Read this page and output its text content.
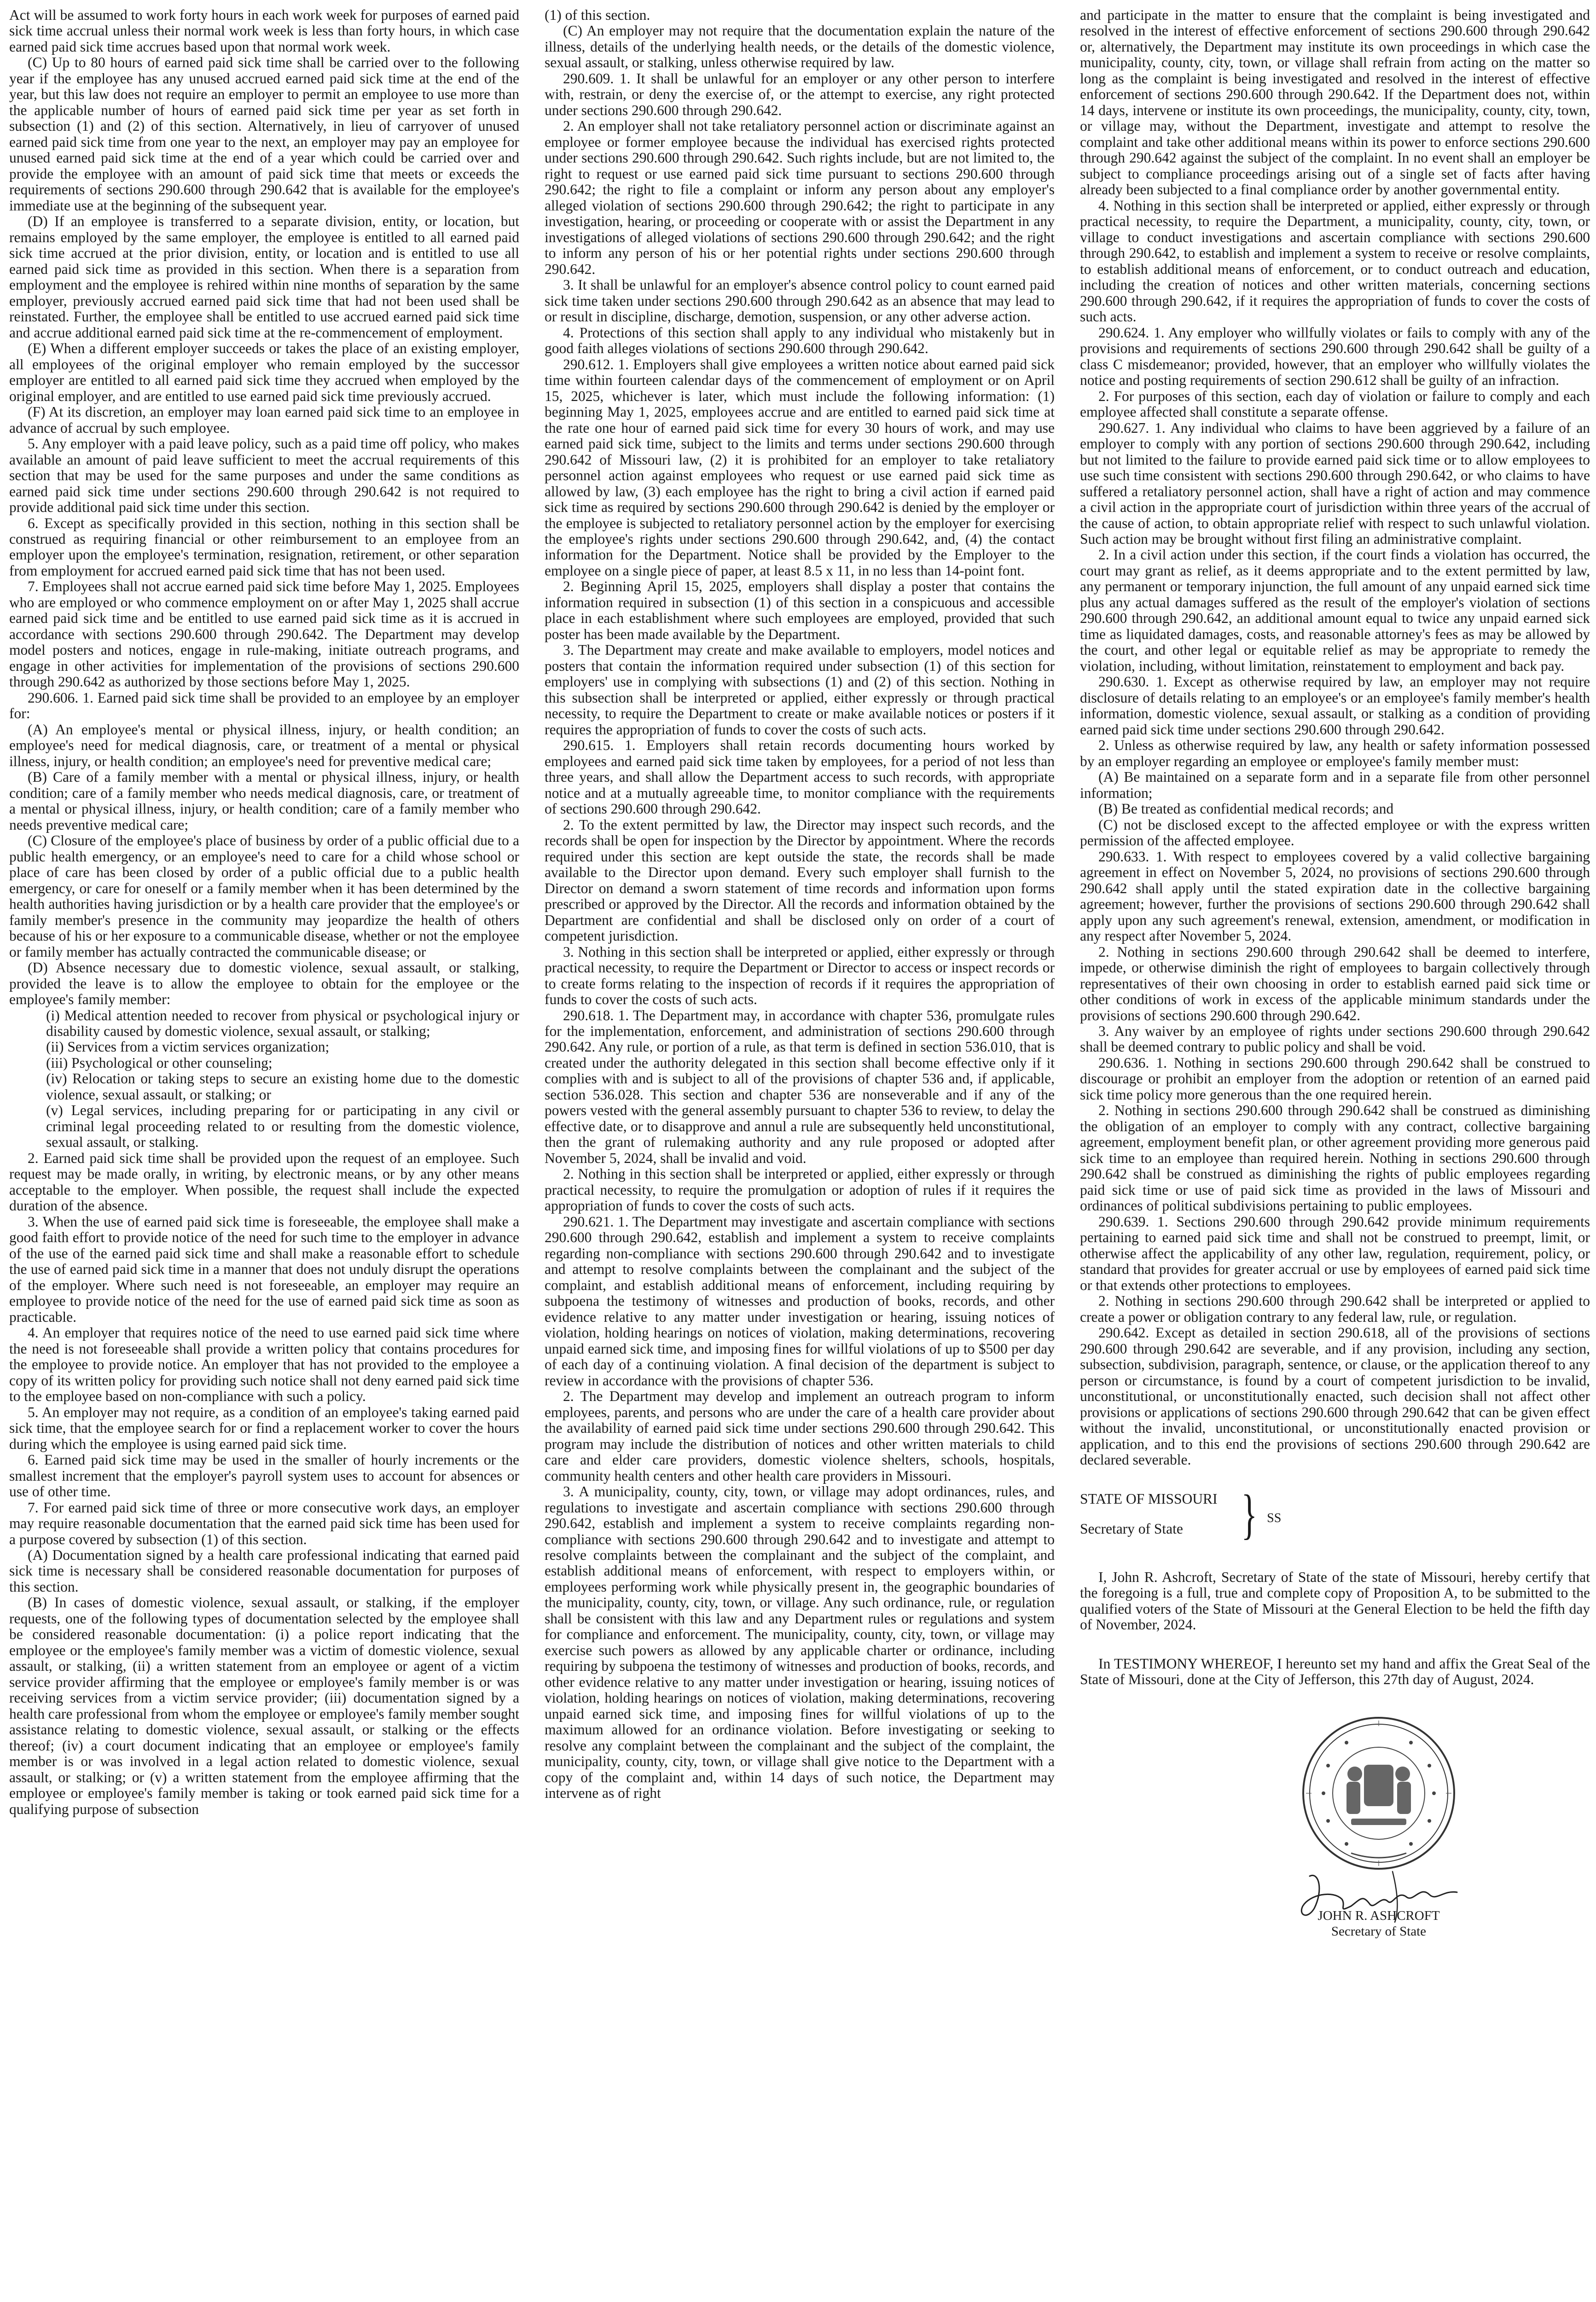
Act will be assumed to work forty hours in each work week for purposes of earned paid sick time accrual unless their normal work week is less than forty hours, in which case earned paid sick time accrues based upon that normal work week.

(C) Up to 80 hours of earned paid sick time shall be carried over to the following year if the employee has any unused accrued earned paid sick time at the end of the year, but this law does not require an employer to permit an employee to use more than the applicable number of hours of earned paid sick time per year as set forth in subsection (1) and (2) of this section. Alternatively, in lieu of carryover of unused earned paid sick time from one year to the next, an employer may pay an employee for unused earned paid sick time at the end of a year which could be carried over and provide the employee with an amount of paid sick time that meets or exceeds the requirements of sections 290.600 through 290.642 that is available for the employee's immediate use at the beginning of the subsequent year.

(D) If an employee is transferred to a separate division, entity, or location, but remains employed by the same employer, the employee is entitled to all earned paid sick time accrued at the prior division, entity, or location and is entitled to use all earned paid sick time as provided in this section. When there is a separation from employment and the employee is rehired within nine months of separation by the same employer, previously accrued earned paid sick time that had not been used shall be reinstated. Further, the employee shall be entitled to use accrued earned paid sick time and accrue additional earned paid sick time at the re-commencement of employment.

(E) When a different employer succeeds or takes the place of an existing employer, all employees of the original employer who remain employed by the successor employer are entitled to all earned paid sick time they accrued when employed by the original employer, and are entitled to use earned paid sick time previously accrued.

(F) At its discretion, an employer may loan earned paid sick time to an employee in advance of accrual by such employee.

5. Any employer with a paid leave policy, such as a paid time off policy, who makes available an amount of paid leave sufficient to meet the accrual requirements of this section that may be used for the same purposes and under the same conditions as earned paid sick time under sections 290.600 through 290.642 is not required to provide additional paid sick time under this section.

6. Except as specifically provided in this section, nothing in this section shall be construed as requiring financial or other reimbursement to an employee from an employer upon the employee's termination, resignation, retirement, or other separation from employment for accrued earned paid sick time that has not been used.

7. Employees shall not accrue earned paid sick time before May 1, 2025. Employees who are employed or who commence employment on or after May 1, 2025 shall accrue earned paid sick time and be entitled to use earned paid sick time as it is accrued in accordance with sections 290.600 through 290.642. The Department may develop model posters and notices, engage in rule-making, initiate outreach programs, and engage in other activities for implementation of the provisions of sections 290.600 through 290.642 as authorized by those sections before May 1, 2025.

290.606. 1. Earned paid sick time shall be provided to an employee by an employer for:

(A) An employee's mental or physical illness, injury, or health condition; an employee's need for medical diagnosis, care, or treatment of a mental or physical illness, injury, or health condition; an employee's need for preventive medical care;

(B) Care of a family member with a mental or physical illness, injury, or health condition; care of a family member who needs medical diagnosis, care, or treatment of a mental or physical illness, injury, or health condition; care of a family member who needs preventive medical care;

(C) Closure of the employee's place of business by order of a public official due to a public health emergency, or an employee's need to care for a child whose school or place of care has been closed by order of a public official due to a public health emergency, or care for oneself or a family member when it has been determined by the health authorities having jurisdiction or by a health care provider that the employee's or family member's presence in the community may jeopardize the health of others because of his or her exposure to a communicable disease, whether or not the employee or family member has actually contracted the communicable disease; or

(D) Absence necessary due to domestic violence, sexual assault, or stalking, provided the leave is to allow the employee to obtain for the employee or the employee's family member:

(i) Medical attention needed to recover from physical or psychological injury or disability caused by domestic violence, sexual assault, or stalking;

(ii) Services from a victim services organization;

(iii) Psychological or other counseling;

(iv) Relocation or taking steps to secure an existing home due to the domestic violence, sexual assault, or stalking; or

(v) Legal services, including preparing for or participating in any civil or criminal legal proceeding related to or resulting from the domestic violence, sexual assault, or stalking.

2. Earned paid sick time shall be provided upon the request of an employee. Such request may be made orally, in writing, by electronic means, or by any other means acceptable to the employer. When possible, the request shall include the expected duration of the absence.

3. When the use of earned paid sick time is foreseeable, the employee shall make a good faith effort to provide notice of the need for such time to the employer in advance of the use of the earned paid sick time and shall make a reasonable effort to schedule the use of earned paid sick time in a manner that does not unduly disrupt the operations of the employer. Where such need is not foreseeable, an employer may require an employee to provide notice of the need for the use of earned paid sick time as soon as practicable.

4. An employer that requires notice of the need to use earned paid sick time where the need is not foreseeable shall provide a written policy that contains procedures for the employee to provide notice. An employer that has not provided to the employee a copy of its written policy for providing such notice shall not deny earned paid sick time to the employee based on non-compliance with such a policy.

5. An employer may not require, as a condition of an employee's taking earned paid sick time, that the employee search for or find a replacement worker to cover the hours during which the employee is using earned paid sick time.

6. Earned paid sick time may be used in the smaller of hourly increments or the smallest increment that the employer's payroll system uses to account for absences or use of other time.

7. For earned paid sick time of three or more consecutive work days, an employer may require reasonable documentation that the earned paid sick time has been used for a purpose covered by subsection (1) of this section.

(A) Documentation signed by a health care professional indicating that earned paid sick time is necessary shall be considered reasonable documentation for purposes of this section.

(B) In cases of domestic violence, sexual assault, or stalking, if the employer requests, one of the following types of documentation selected by the employee shall be considered reasonable documentation: (i) a police report indicating that the employee or the employee's family member was a victim of domestic violence, sexual assault, or stalking, (ii) a written statement from an employee or agent of a victim service provider affirming that the employee or employee's family member is or was receiving services from a victim service provider; (iii) documentation signed by a health care professional from whom the employee or employee's family member sought assistance relating to domestic violence, sexual assault, or stalking or the effects thereof; (iv) a court document indicating that an employee or employee's family member is or was involved in a legal action related to domestic violence, sexual assault, or stalking; or (v) a written statement from the employee affirming that the employee or employee's family member is taking or took earned paid sick time for a qualifying purpose of subsection

(1) of this section.

(C) An employer may not require that the documentation explain the nature of the illness, details of the underlying health needs, or the details of the domestic violence, sexual assault, or stalking, unless otherwise required by law.

290.609. 1. It shall be unlawful for an employer or any other person to interfere with, restrain, or deny the exercise of, or the attempt to exercise, any right protected under sections 290.600 through 290.642.

2. An employer shall not take retaliatory personnel action or discriminate against an employee or former employee because the individual has exercised rights protected under sections 290.600 through 290.642. Such rights include, but are not limited to, the right to request or use earned paid sick time pursuant to sections 290.600 through 290.642; the right to file a complaint or inform any person about any employer's alleged violation of sections 290.600 through 290.642; the right to participate in any investigation, hearing, or proceeding or cooperate with or assist the Department in any investigations of alleged violations of sections 290.600 through 290.642; and the right to inform any person of his or her potential rights under sections 290.600 through 290.642.

3. It shall be unlawful for an employer's absence control policy to count earned paid sick time taken under sections 290.600 through 290.642 as an absence that may lead to or result in discipline, discharge, demotion, suspension, or any other adverse action.

4. Protections of this section shall apply to any individual who mistakenly but in good faith alleges violations of sections 290.600 through 290.642.

290.612. 1. Employers shall give employees a written notice about earned paid sick time within fourteen calendar days of the commencement of employment or on April 15, 2025, whichever is later, which must include the following information: (1) beginning May 1, 2025, employees accrue and are entitled to earned paid sick time at the rate one hour of earned paid sick time for every 30 hours of work, and may use earned paid sick time, subject to the limits and terms under sections 290.600 through 290.642 of Missouri law, (2) it is prohibited for an employer to take retaliatory personnel action against employees who request or use earned paid sick time as allowed by law, (3) each employee has the right to bring a civil action if earned paid sick time as required by sections 290.600 through 290.642 is denied by the employer or the employee is subjected to retaliatory personnel action by the employer for exercising the employee's rights under sections 290.600 through 290.642, and, (4) the contact information for the Department. Notice shall be provided by the Employer to the employee on a single piece of paper, at least 8.5 x 11, in no less than 14-point font.

2. Beginning April 15, 2025, employers shall display a poster that contains the information required in subsection (1) of this section in a conspicuous and accessible place in each establishment where such employees are employed, provided that such poster has been made available by the Department.

3. The Department may create and make available to employers, model notices and posters that contain the information required under subsection (1) of this section for employers' use in complying with subsections (1) and (2) of this section. Nothing in this subsection shall be interpreted or applied, either expressly or through practical necessity, to require the Department to create or make available notices or posters if it requires the appropriation of funds to cover the costs of such acts.

290.615. 1. Employers shall retain records documenting hours worked by employees and earned paid sick time taken by employees, for a period of not less than three years, and shall allow the Department access to such records, with appropriate notice and at a mutually agreeable time, to monitor compliance with the requirements of sections 290.600 through 290.642.

2. To the extent permitted by law, the Director may inspect such records, and the records shall be open for inspection by the Director by appointment. Where the records required under this section are kept outside the state, the records shall be made available to the Director upon demand. Every such employer shall furnish to the Director on demand a sworn statement of time records and information upon forms prescribed or approved by the Director. All the records and information obtained by the Department are confidential and shall be disclosed only on order of a court of competent jurisdiction.

3. Nothing in this section shall be interpreted or applied, either expressly or through practical necessity, to require the Department or Director to access or inspect records or to create forms relating to the inspection of records if it requires the appropriation of funds to cover the costs of such acts.

290.618. 1. The Department may, in accordance with chapter 536, promulgate rules for the implementation, enforcement, and administration of sections 290.600 through 290.642. Any rule, or portion of a rule, as that term is defined in section 536.010, that is created under the authority delegated in this section shall become effective only if it complies with and is subject to all of the provisions of chapter 536 and, if applicable, section 536.028. This section and chapter 536 are nonseverable and if any of the powers vested with the general assembly pursuant to chapter 536 to review, to delay the effective date, or to disapprove and annul a rule are subsequently held unconstitutional, then the grant of rulemaking authority and any rule proposed or adopted after November 5, 2024, shall be invalid and void.

2. Nothing in this section shall be interpreted or applied, either expressly or through practical necessity, to require the promulgation or adoption of rules if it requires the appropriation of funds to cover the costs of such acts.

290.621. 1. The Department may investigate and ascertain compliance with sections 290.600 through 290.642, establish and implement a system to receive complaints regarding non-compliance with sections 290.600 through 290.642 and to investigate and attempt to resolve complaints between the complainant and the subject of the complaint, and establish additional means of enforcement, including requiring by subpoena the testimony of witnesses and production of books, records, and other evidence relative to any matter under investigation or hearing, issuing notices of violation, holding hearings on notices of violation, making determinations, recovering unpaid earned sick time, and imposing fines for willful violations of up to $500 per day of each day of a continuing violation. A final decision of the department is subject to review in accordance with the provisions of chapter 536.

2. The Department may develop and implement an outreach program to inform employees, parents, and persons who are under the care of a health care provider about the availability of earned paid sick time under sections 290.600 through 290.642. This program may include the distribution of notices and other written materials to child care and elder care providers, domestic violence shelters, schools, hospitals, community health centers and other health care providers in Missouri.

3. A municipality, county, city, town, or village may adopt ordinances, rules, and regulations to investigate and ascertain compliance with sections 290.600 through 290.642, establish and implement a system to receive complaints regarding non-compliance with sections 290.600 through 290.642 and to investigate and attempt to resolve complaints between the complainant and the subject of the complaint, and establish additional means of enforcement, with respect to employers within, or employees performing work while physically present in, the geographic boundaries of the municipality, county, city, town, or village. Any such ordinance, rule, or regulation shall be consistent with this law and any Department rules or regulations and system for compliance and enforcement. The municipality, county, city, town, or village may exercise such powers as allowed by any applicable charter or ordinance, including requiring by subpoena the testimony of witnesses and production of books, records, and other evidence relative to any matter under investigation or hearing, issuing notices of violation, holding hearings on notices of violation, making determinations, recovering unpaid earned sick time, and imposing fines for willful violations of up to the maximum allowed for an ordinance violation. Before investigating or seeking to resolve any complaint between the complainant and the subject of the complaint, the municipality, county, city, town, or village shall give notice to the Department with a copy of the complaint and, within 14 days of such notice, the Department may intervene as of right

and participate in the matter to ensure that the complaint is being investigated and resolved in the interest of effective enforcement of sections 290.600 through 290.642 or, alternatively, the Department may institute its own proceedings in which case the municipality, county, city, town, or village shall refrain from acting on the matter so long as the complaint is being investigated and resolved in the interest of effective enforcement of sections 290.600 through 290.642. If the Department does not, within 14 days, intervene or institute its own proceedings, the municipality, county, city, town, or village may, without the Department, investigate and attempt to resolve the complaint and take other additional means within its power to enforce sections 290.600 through 290.642 against the subject of the complaint. In no event shall an employer be subject to compliance proceedings arising out of a single set of facts after having already been subjected to a final compliance order by another governmental entity.

4. Nothing in this section shall be interpreted or applied, either expressly or through practical necessity, to require the Department, a municipality, county, city, town, or village to conduct investigations and ascertain compliance with sections 290.600 through 290.642, to establish and implement a system to receive or resolve complaints, to establish additional means of enforcement, or to conduct outreach and education, including the creation of notices and other written materials, concerning sections 290.600 through 290.642, if it requires the appropriation of funds to cover the costs of such acts.

290.624. 1. Any employer who willfully violates or fails to comply with any of the provisions and requirements of sections 290.600 through 290.642 shall be guilty of a class C misdemeanor; provided, however, that an employer who willfully violates the notice and posting requirements of section 290.612 shall be guilty of an infraction.

2. For purposes of this section, each day of violation or failure to comply and each employee affected shall constitute a separate offense.

290.627. 1. Any individual who claims to have been aggrieved by a failure of an employer to comply with any portion of sections 290.600 through 290.642, including but not limited to the failure to provide earned paid sick time or to allow employees to use such time consistent with sections 290.600 through 290.642, or who claims to have suffered a retaliatory personnel action, shall have a right of action and may commence a civil action in the appropriate court of jurisdiction within three years of the accrual of the cause of action, to obtain appropriate relief with respect to such unlawful violation. Such action may be brought without first filing an administrative complaint.

2. In a civil action under this section, if the court finds a violation has occurred, the court may grant as relief, as it deems appropriate and to the extent permitted by law, any permanent or temporary injunction, the full amount of any unpaid earned sick time plus any actual damages suffered as the result of the employer's violation of sections 290.600 through 290.642, an additional amount equal to twice any unpaid earned sick time as liquidated damages, costs, and reasonable attorney's fees as may be allowed by the court, and other legal or equitable relief as may be appropriate to remedy the violation, including, without limitation, reinstatement to employment and back pay.

290.630. 1. Except as otherwise required by law, an employer may not require disclosure of details relating to an employee's or an employee's family member's health information, domestic violence, sexual assault, or stalking as a condition of providing earned paid sick time under sections 290.600 through 290.642.

2. Unless as otherwise required by law, any health or safety information possessed by an employer regarding an employee or employee's family member must:

(A) Be maintained on a separate form and in a separate file from other personnel information;

(B) Be treated as confidential medical records; and

(C) not be disclosed except to the affected employee or with the express written permission of the affected employee.

290.633. 1. With respect to employees covered by a valid collective bargaining agreement in effect on November 5, 2024, no provisions of sections 290.600 through 290.642 shall apply until the stated expiration date in the collective bargaining agreement; however, further the provisions of sections 290.600 through 290.642 shall apply upon any such agreement's renewal, extension, amendment, or modification in any respect after November 5, 2024.

2. Nothing in sections 290.600 through 290.642 shall be deemed to interfere, impede, or otherwise diminish the right of employees to bargain collectively through representatives of their own choosing in order to establish earned paid sick time or other conditions of work in excess of the applicable minimum standards under the provisions of sections 290.600 through 290.642.

3. Any waiver by an employee of rights under sections 290.600 through 290.642 shall be deemed contrary to public policy and shall be void.

290.636. 1. Nothing in sections 290.600 through 290.642 shall be construed to discourage or prohibit an employer from the adoption or retention of an earned paid sick time policy more generous than the one required herein.

2. Nothing in sections 290.600 through 290.642 shall be construed as diminishing the obligation of an employer to comply with any contract, collective bargaining agreement, employment benefit plan, or other agreement providing more generous paid sick time to an employee than required herein. Nothing in sections 290.600 through 290.642 shall be construed as diminishing the rights of public employees regarding paid sick time or use of paid sick time as provided in the laws of Missouri and ordinances of political subdivisions pertaining to public employees.

290.639. 1. Sections 290.600 through 290.642 provide minimum requirements pertaining to earned paid sick time and shall not be construed to preempt, limit, or otherwise affect the applicability of any other law, regulation, requirement, policy, or standard that provides for greater accrual or use by employees of earned paid sick time or that extends other protections to employees.

2. Nothing in sections 290.600 through 290.642 shall be interpreted or applied to create a power or obligation contrary to any federal law, rule, or regulation.

290.642. Except as detailed in section 290.618, all of the provisions of sections 290.600 through 290.642 are severable, and if any provision, including any section, subsection, subdivision, paragraph, sentence, or clause, or the application thereof to any person or circumstance, is found by a court of competent jurisdiction to be invalid, unconstitutional, or unconstitutionally enacted, such decision shall not affect other provisions or applications of sections 290.600 through 290.642 that can be given effect without the invalid, unconstitutional, or unconstitutionally enacted provision or application, and to this end the provisions of sections 290.600 through 290.642 are declared severable.

STATE OF MISSOURI
Secretary of State	} SS

I, John R. Ashcroft, Secretary of State of the state of Missouri, hereby certify that the foregoing is a full, true and complete copy of Proposition A, to be submitted to the qualified voters of the State of Missouri at the General Election to be held the fifth day of November, 2024.

In TESTIMONY WHEREOF, I hereunto set my hand and affix the Great Seal of the State of Missouri, done at the City of Jefferson, this 27th day of August, 2024.

JOHN R. ASHCROFT
Secretary of State
